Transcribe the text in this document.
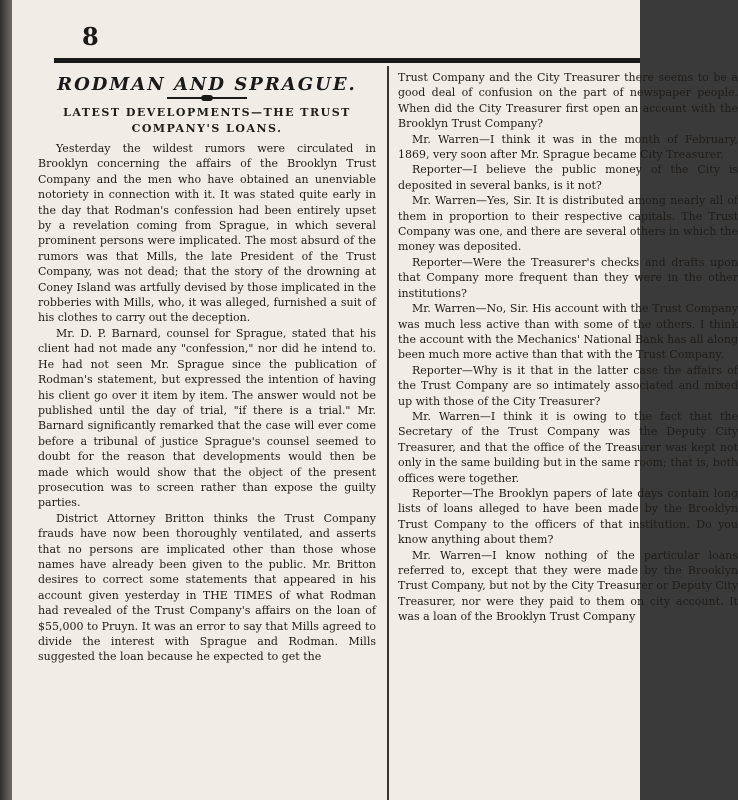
8
RODMAN AND SPRAGUE.
LATEST DEVELOPMENTS—THE TRUST COMPANY'S LOANS.

Yesterday the wildest rumors were circulated in Brooklyn concerning the affairs of the Brooklyn Trust Company and the men who have obtained an unenviable notoriety in connection with it. It was stated quite early in the day that Rodman's confession had been entirely upset by a revelation coming from Sprague, in which several prominent persons were implicated. The most absurd of the rumors was that Mills, the late President of the Trust Company, was not dead; that the story of the drowning at Coney Island was artfully devised by those implicated in the robberies with Mills, who, it was alleged, furnished a suit of his clothes to carry out the deception.

Mr. D. P. Barnard, counsel for Sprague, stated that his client had not made any "confession," nor did he intend to. He had not seen Mr. Sprague since the publication of Rodman's statement, but expressed the intention of having his client go over it item by item. The answer would not be published until the day of trial, "if there is a trial." Mr. Barnard significantly remarked that the case will ever come before a tribunal of justice Sprague's counsel seemed to doubt for the reason that developments would then be made which would show that the object of the present prosecution was to screen rather than expose the guilty parties.

District Attorney Britton thinks the Trust Company frauds have now been thoroughly ventilated, and asserts that no persons are implicated other than those whose names have already been given to the public. Mr. Britton desires to correct some statements that appeared in his account given yesterday in THE TIMES of what Rodman had revealed of the Trust Company's affairs on the loan of $55,000 to Pruyn. It was an error to say that Mills agreed to divide the interest with Sprague and Rodman. Mills suggested the loan because he expected to get the

Trust Company and the City Treasurer there seems to be a good deal of confusion on the part of newspaper people. When did the City Treasurer first open an account with the Brooklyn Trust Company?

Mr. Warren—I think it was in the month of February, 1869, very soon after Mr. Sprague became City Treasurer.

Reporter—I believe the public money of the City is deposited in several banks, is it not?

Mr. Warren—Yes, Sir. It is distributed among nearly all of them in proportion to their respective capitals. The Trust Company was one, and there are several others in which the money was deposited.

Reporter—Were the Treasurer's checks and drafts upon that Company more frequent than they were in the other institutions?

Mr. Warren—No, Sir. His account with the Trust Company was much less active than with some of the others. I think the account with the Mechanics' National Bank has all along been much more active than that with the Trust Company.

Reporter—Why is it that in the latter case the affairs of the Trust Company are so intimately associated and mixed up with those of the City Treasurer?

Mr. Warren—I think it is owing to the fact that the Secretary of the Trust Company was the Deputy City Treasurer, and that the office of the Treasurer was kept not only in the same building but in the same room; that is, both offices were together.

Reporter—The Brooklyn papers of late days contain long lists of loans alleged to have been made by the Brooklyn Trust Company to the officers of that institution. Do you know anything about them?

Mr. Warren—I know nothing of the particular loans referred to, except that they were made by the Brooklyn Trust Company, but not by the City Treasurer or Deputy City Treasurer, nor were they paid to them on city account. It was a loan of the Brooklyn Trust Company
